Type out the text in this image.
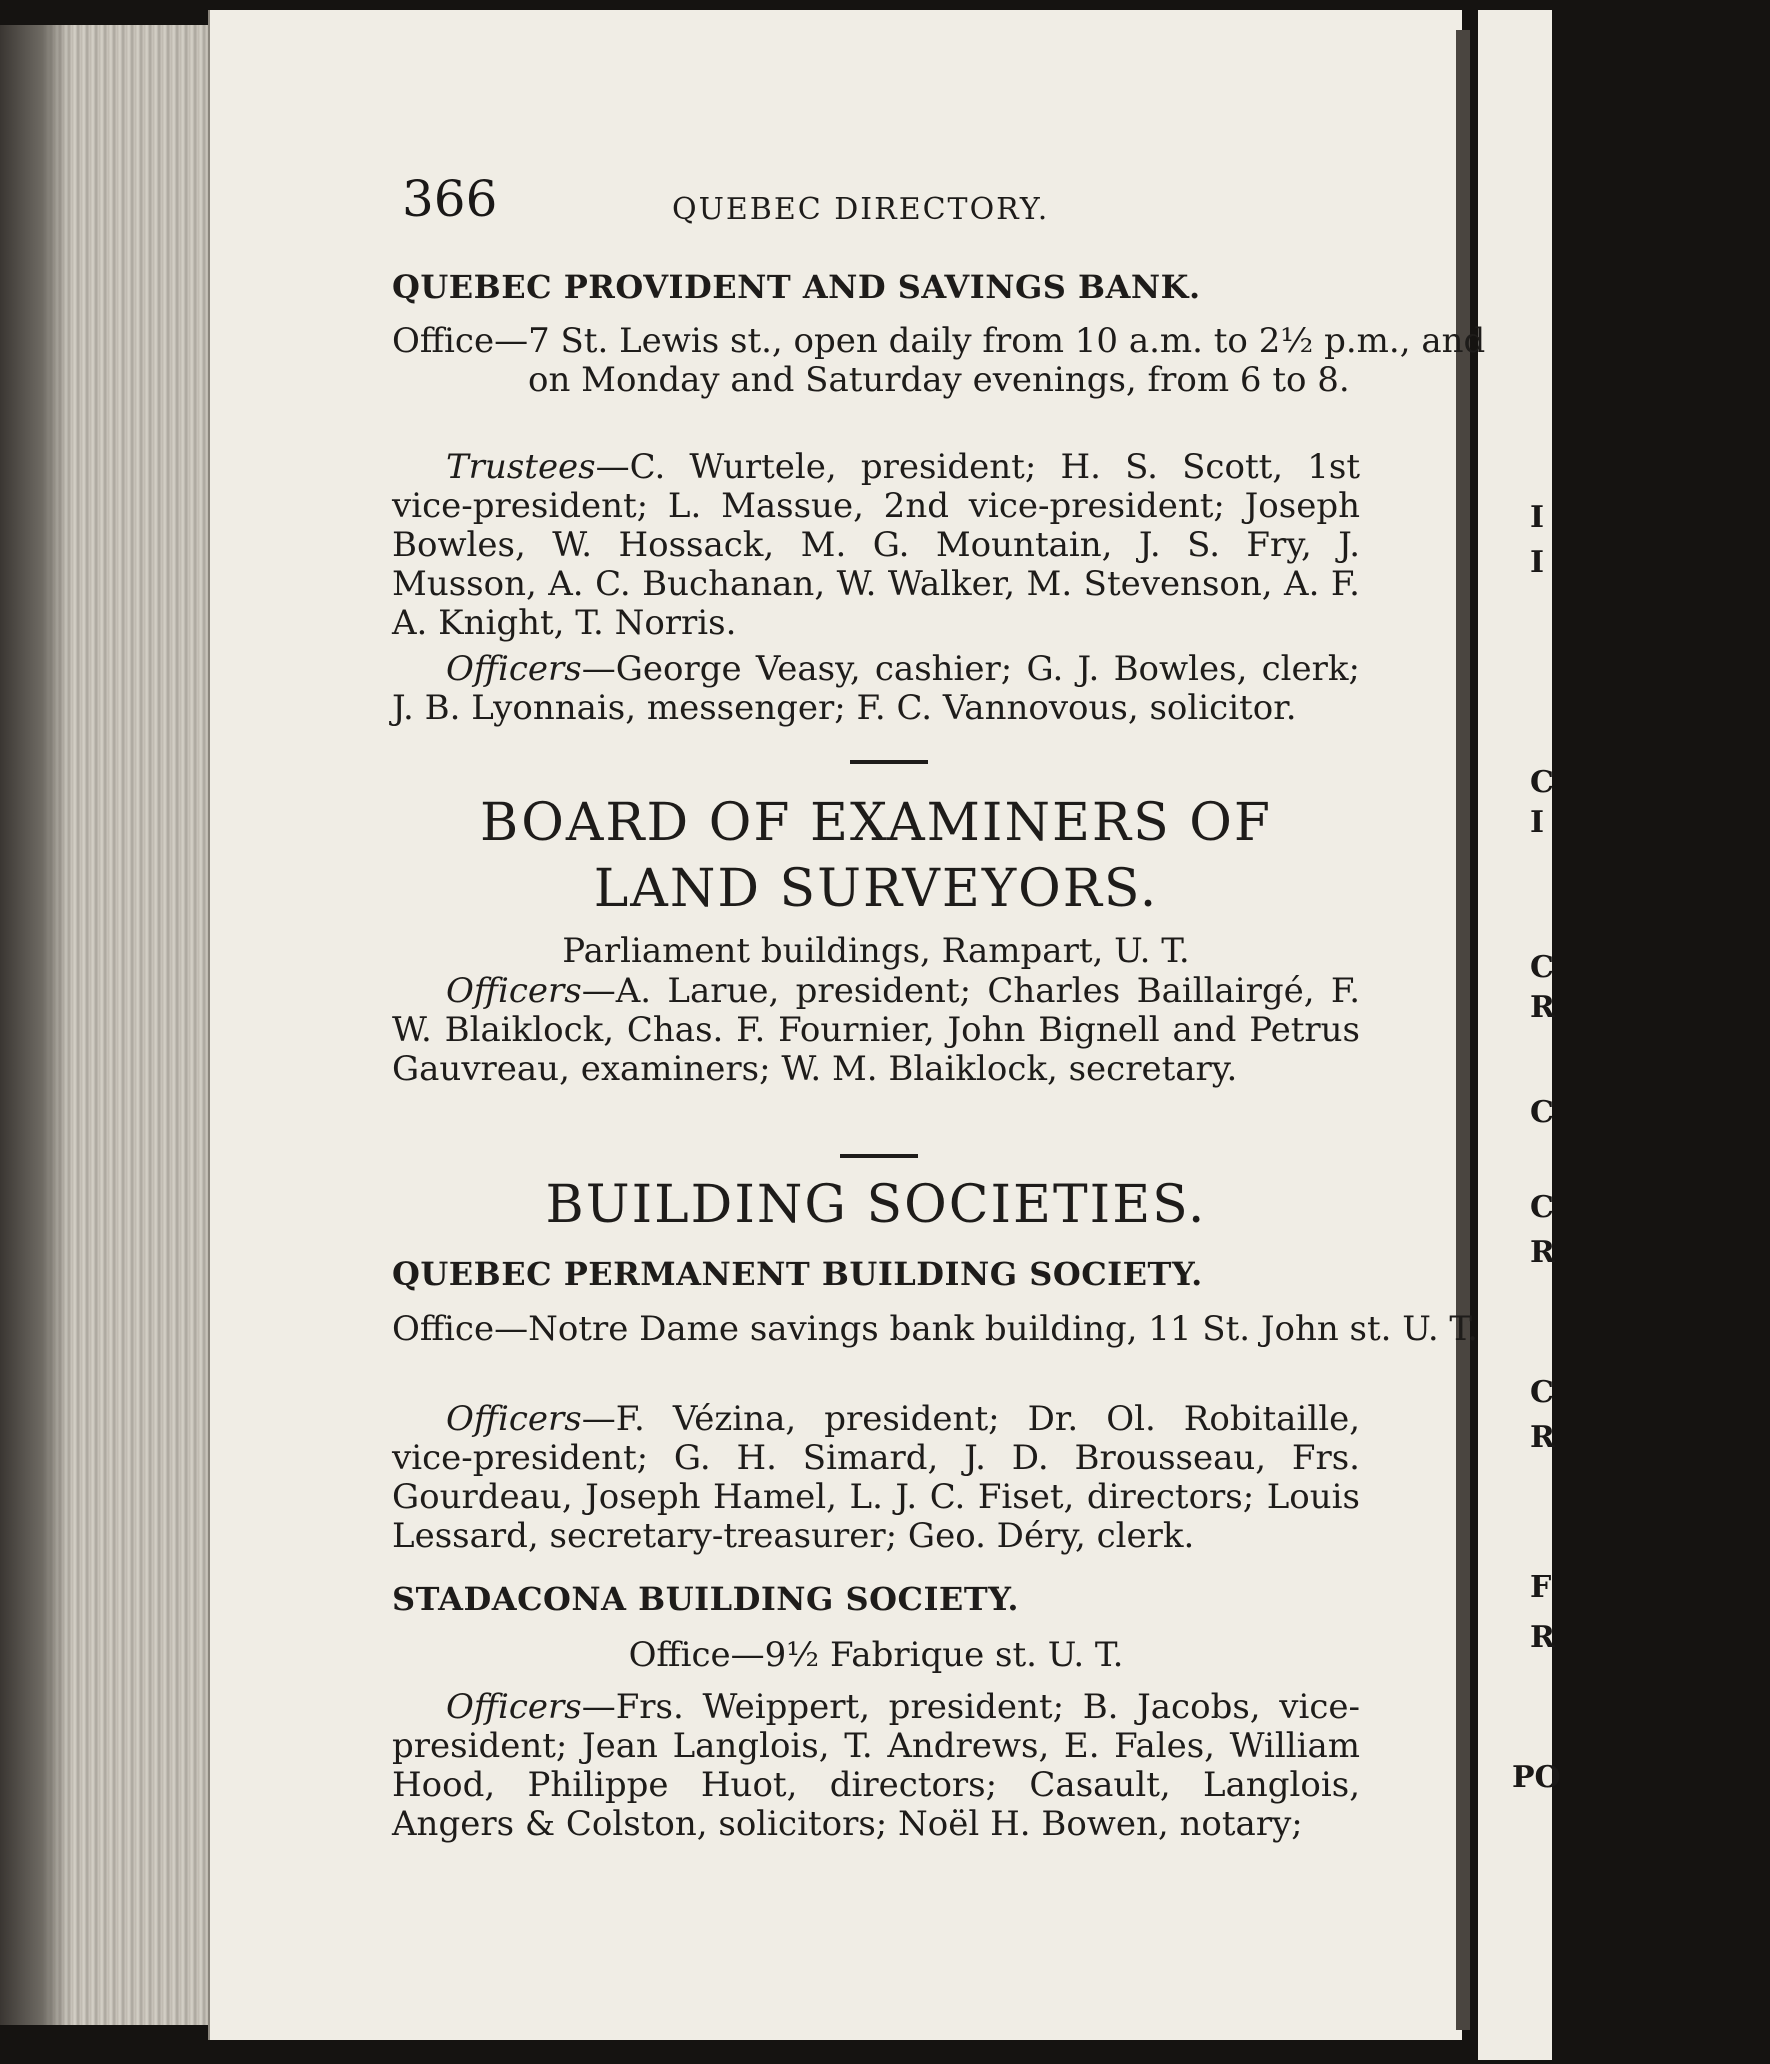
366	QUEBEC DIRECTORY.

QUEBEC PROVIDENT AND SAVINGS BANK.

Office—7 St. Lewis st., open daily from 10 a.m. to 2½ p.m., and on Monday and Saturday evenings, from 6 to 8.

Trustees—C. Wurtele, president; H. S. Scott, 1st vice-president; L. Massue, 2nd vice-president; Joseph Bowles, W. Hossack, M. G. Mountain, J. S. Fry, J. Musson, A. C. Buchanan, W. Walker, M. Stevenson, A. F. A. Knight, T. Norris.

Officers—George Veasy, cashier; G. J. Bowles, clerk; J. B. Lyonnais, messenger; F. C. Vannovous, solicitor.

BOARD OF EXAMINERS OF LAND SURVEYORS.

Parliament buildings, Rampart, U. T.

Officers—A. Larue, president; Charles Baillairgé, F. W. Blaiklock, Chas. F. Fournier, John Bignell and Petrus Gauvreau, examiners; W. M. Blaiklock, secretary.

BUILDING SOCIETIES.

QUEBEC PERMANENT BUILDING SOCIETY.

Office—Notre Dame savings bank building, 11 St. John st. U. T.

Officers—F. Vézina, president; Dr. Ol. Robitaille, vice-president; G. H. Simard, J. D. Brousseau, Frs. Gourdeau, Joseph Hamel, L. J. C. Fiset, directors; Louis Lessard, secretary-treasurer; Geo. Déry, clerk.

STADACONA BUILDING SOCIETY.

Office—9½ Fabrique st. U. T.

Officers—Frs. Weippert, president; B. Jacobs, vice-president; Jean Langlois, T. Andrews, E. Fales, William Hood, Philippe Huot, directors; Casault, Langlois, Angers & Colston, solicitors; Noël H. Bowen, notary;

I
I
C
I
C
R
C
C
R
C
R
F
R
PO
